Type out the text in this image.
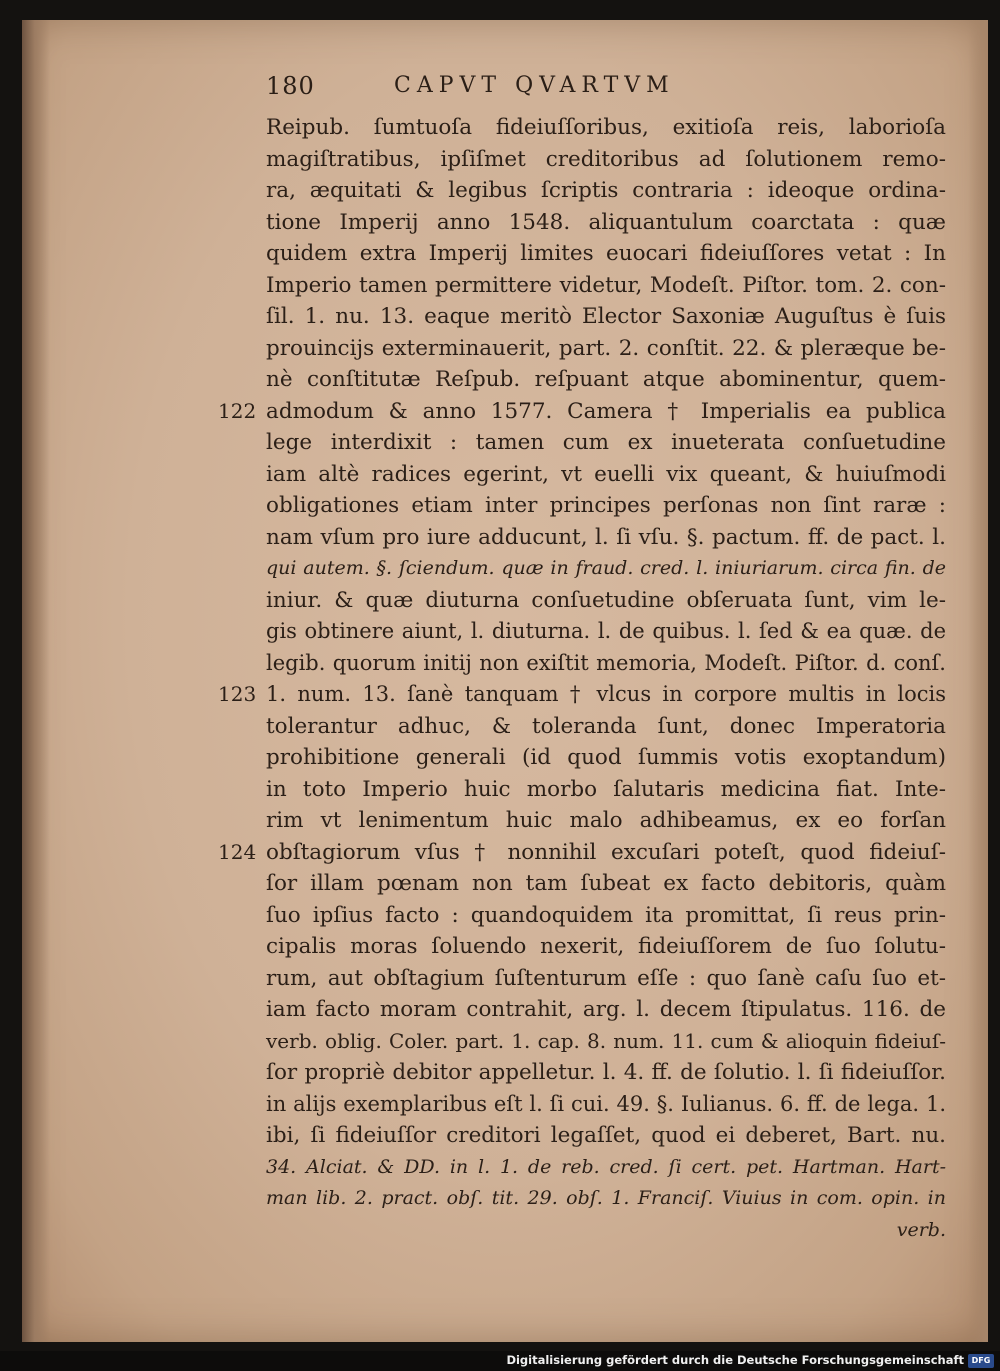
180	CAPVT QVARTVM
Reipub. ſumtuoſa fideiuſſoribus, exitioſa reis, laborioſa
magiſtratibus, ipſiſmet creditoribus ad ſolutionem remo-
ra, æquitati & legibus ſcriptis contraria : ideoque ordina-
tione Imperij anno 1548. aliquantulum coarctata : quæ
quidem extra Imperij limites euocari fideiuſſores vetat : In
Imperio tamen permittere videtur, Modeſt. Piſtor. tom. 2. con-
ſil. 1. nu. 13. eaque meritò Elector Saxoniæ Auguſtus è ſuis
prouincijs exterminauerit, part. 2. conſtit. 22. & pleræque be-
nè conſtitutæ Reſpub. reſpuant atque abominentur, quem-
122 admodum & anno 1577. Camera † Imperialis ea publica
lege interdixit : tamen cum ex inueterata conſuetudine
iam altè radices egerint, vt euelli vix queant, & huiuſmodi
obligationes etiam inter principes perſonas non ſint raræ :
nam vſum pro iure adducunt, l. ſi vſu. §. pactum. ff. de pact. l.
qui autem. §. ſciendum. quæ in fraud. cred. l. iniuriarum. circa fin. de
iniur. & quæ diuturna conſuetudine obſeruata ſunt, vim le-
gis obtinere aiunt, l. diuturna. l. de quibus. l. ſed & ea quæ. de
legib. quorum initij non exiſtit memoria, Modeſt. Piſtor. d. conſ.
123 1. num. 13. ſanè tanquam † vlcus in corpore multis in locis
tolerantur adhuc, & toleranda ſunt, donec Imperatoria
prohibitione generali (id quod ſummis votis exoptandum)
in toto Imperio huic morbo ſalutaris medicina fiat. Inte-
rim vt lenimentum huic malo adhibeamus, ex eo forſan
124 obſtagiorum vſus † nonnihil excuſari poteſt, quod fideiuſ-
ſor illam pœnam non tam ſubeat ex facto debitoris, quàm
ſuo ipſius facto : quandoquidem ita promittat, ſi reus prin-
cipalis moras ſoluendo nexerit, fideiuſſorem de ſuo ſolutu-
rum, aut obſtagium ſuſtenturum eſſe : quo ſanè caſu ſuo et-
iam facto moram contrahit, arg. l. decem ſtipulatus. 116. de
verb. oblig. Coler. part. 1. cap. 8. num. 11. cum & alioquin fideiuſ-
ſor propriè debitor appelletur. l. 4. ff. de ſolutio. l. ſi fideiuſſor.
in alijs exemplaribus eſt l. ſi cui. 49. §. Iulianus. 6. ff. de lega. 1.
ibi, ſi fideiuſſor creditori legaſſet, quod ei deberet, Bart. nu.
34. Alciat. & DD. in l. 1. de reb. cred. ſi cert. pet. Hartman. Hart-
man lib. 2. pract. obſ. tit. 29. obſ. 1. Franciſ. Viuius in com. opin. in
verb.
Digitalisierung gefördert durch die Deutsche Forschungsgemeinschaft DFG
